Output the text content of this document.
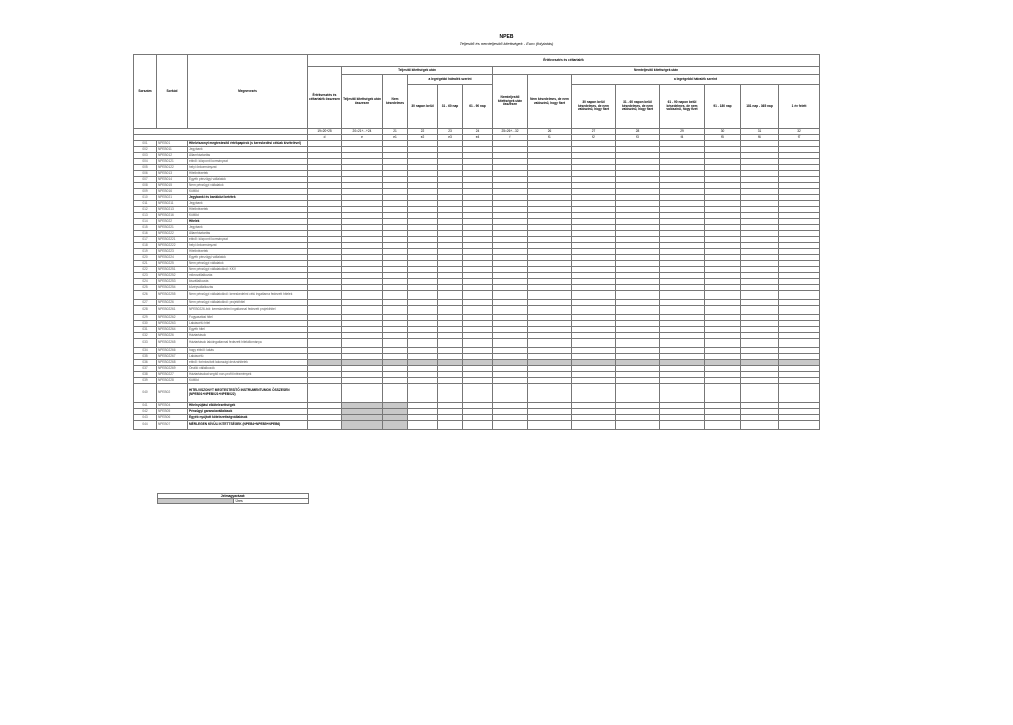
NPEB
Teljesítő és nemteljesítő kitettségek - Euro (folytatás)
Sorszám	Sorkód	Megnevezés	Értékvesztés és céltartalék													
			Értékvesztés és céltartalék összesen	Teljesítő kitettségek után					Nemteljesítő kitettségek után							
				Teljesítő kitettségek után összesen	Nem késedelmes	a legrégebbi hátralék szerint			Nemteljesítő kitettségek után összesen	Nem késedelmes, de nem valószínű, hogy fizet	a legrégebbi hátralék szerint					
						30 napon belül	31 - 60 nap	61 - 90 nap			30 napon belül késedelmes, de nem valószínű, hogy fizet	31 - 60 napon belül késedelmes, de nem valószínű, hogy fizet	61 - 90 napon belül késedelmes, de nem valószínű, hogy fizet	91 - 180 nap	181 nap - 365 nap	1 év felett
			19=20+25	20=21+...+24	21	22	23	24	25=26+...32	26	27	28	29	30	31	32
			d	e	e1	e2	e3	e4	f	f1	f2	f3	f4	f5	f6	f7
001	NPEB01	Hitelviszonyt megtestesítő értékpapírok (s kereskedési célúak kivételével)														
002	NPEB011	Jegybank														
003	NPEB012	Államháztartás														
004	NPEB0121	ebből: központi kormányzat														
005	NPEB0122	helyi önkormányzat														
006	NPEB013	Hitelintézetek														
007	NPEB014	Egyéb pénzügyi vállalatok														
008	NPEB015	Nem pénzügyi vállalatok														
009	NPEB016	Külföld														
010	NPEB021	Jegybanki és bankközi betétek														
011	NPEB0211	Jegybank														
012	NPEB0213	Hitelintézetek														
013	NPEB0216	Külföld														
014	NPEB022	Hitelek														
015	NPEB0221	Jegybank														
016	NPEB0222	Államháztartás														
017	NPEB02221	ebből: központi kormányzat														
018	NPEB02222	helyi önkormányzat														
019	NPEB0223	Hitelintézetek														
020	NPEB0224	Egyéb pénzügyi vállalatok														
021	NPEB0225	Nem pénzügyi vállalatok														
022	NPEB02251	Nem pénzügyi vállalatokból: KKV														
023	NPEB02252	mikrovállalkozás														
024	NPEB02253	kisvállalkozás														
025	NPEB02254	középvállalkozás														
026	NPEB02255	Nem pénzügyi vállalatokból: kereskedelmi célú ingatlanra fedezett hitelek														
027	NPEB0226	Nem pénzügyi vállalatokból: projekthitel														
028	NPEB02261	NPEB0226-ból: kereskedelmi ingatlannal fedezett projekthitel														
029	NPEB02262	Fogyasztási hitel														
030	NPEB02263	Lakáscélú hitel														
031	NPEB02264	Egyéb hitel														
032	NPEB0226	Háztartások														
033	NPEB02265	Háztartások lakóingatlannal fedezett hitelállománya														
034	NPEB02266	hogy ebből: lakás														
035	NPEB02267	Lakáscélú														
036	NPEB02268	ebből: forintosított lakossági devizahitelek														
037	NPEB02269	Önálló vállalkozók														
038	NPEB0227	Háztartásokat segítő non-profit intézmények														
039	NPEB0228	Külföld														
040	NPEB02	HITELVISZONYT MEGTESTESÍTŐ INSTRUMENTUMOK ÖSSZESEN (NPEB01+NPEB021+NPEB022)														
041	NPEB04	Hitelnyújtási elkötelezettségek														
042	NPEB05	Pénzügyi garanciavállalások														
043	NPEB06	Egyéb nyújtott kötelezettségvállalások														
044	NPEB07	MÉRLEGEN KÍVÜLI KITETTSÉGEK (NPEB4+NPEB5+NPEB6)														
Jelmagyarázat:
	Üres
